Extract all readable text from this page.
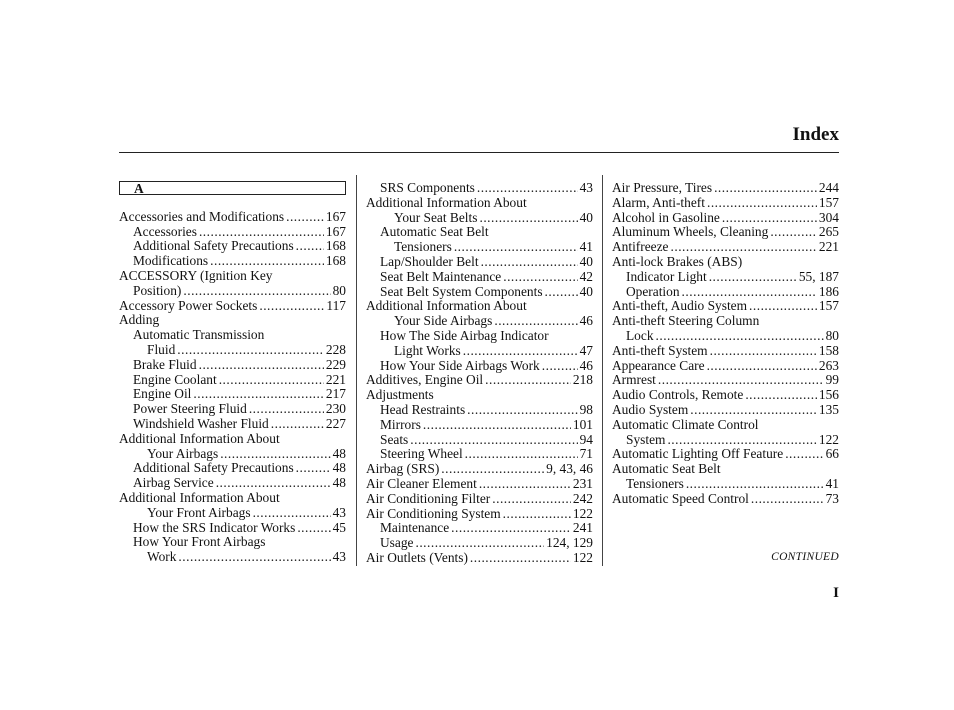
Index
A
Accessories and Modifications .....	167
Accessories .....	167
Additional Safety Precautions ..... 168
Modifications .....	168
ACCESSORY (Ignition Key
Position) .....	80
Accessory Power Sockets .....	117
Adding
Automatic Transmission
Fluid .....	228
Brake Fluid .....	229
Engine Coolant .....	221
Engine Oil .....	217
Power Steering Fluid .....	230
Windshield Washer Fluid .....	227
Additional Information About
Your Airbags .....	48
Additional Safety Precautions .....	48
Airbag Service .....	48
Additional Information About
Your Front Airbags .....	43
How the SRS Indicator Works .....	45
How Your Front Airbags
Work .....	43
SRS Components .....	43
Additional Information About
Your Seat Belts .....	40
Automatic Seat Belt
Tensioners .....	41
Lap/Shoulder Belt .....	40
Seat Belt Maintenance .....	42
Seat Belt System Components .....	40
Additional Information About
Your Side Airbags .....	46
How The Side Airbag Indicator
Light Works .....	47
How Your Side Airbags Work .....	46
Additives, Engine Oil .....	218
Adjustments
Head Restraints .....	98
Mirrors .....	101
Seats .....	94
Steering Wheel .....	71
Airbag (SRS) .....	9, 43, 46
Air Cleaner Element .....	231
Air Conditioning Filter .....	242
Air Conditioning System .....	122
Maintenance .....	241
Usage .....	124, 129
Air Outlets (Vents) .....	122
Air Pressure, Tires .....	244
Alarm, Anti-theft .....	157
Alcohol in Gasoline .....	304
Aluminum Wheels, Cleaning .....	265
Antifreeze .....	221
Anti-lock Brakes (ABS)
Indicator Light .....	55, 187
Operation .....	186
Anti-theft, Audio System .....	157
Anti-theft Steering Column
Lock .....	80
Anti-theft System .....	158
Appearance Care .....	263
Armrest .....	99
Audio Controls, Remote .....	156
Audio System .....	135
Automatic Climate Control
System .....	122
Automatic Lighting Off Feature .....	66
Automatic Seat Belt
Tensioners .....	41
Automatic Speed Control .....	73
CONTINUED
I
